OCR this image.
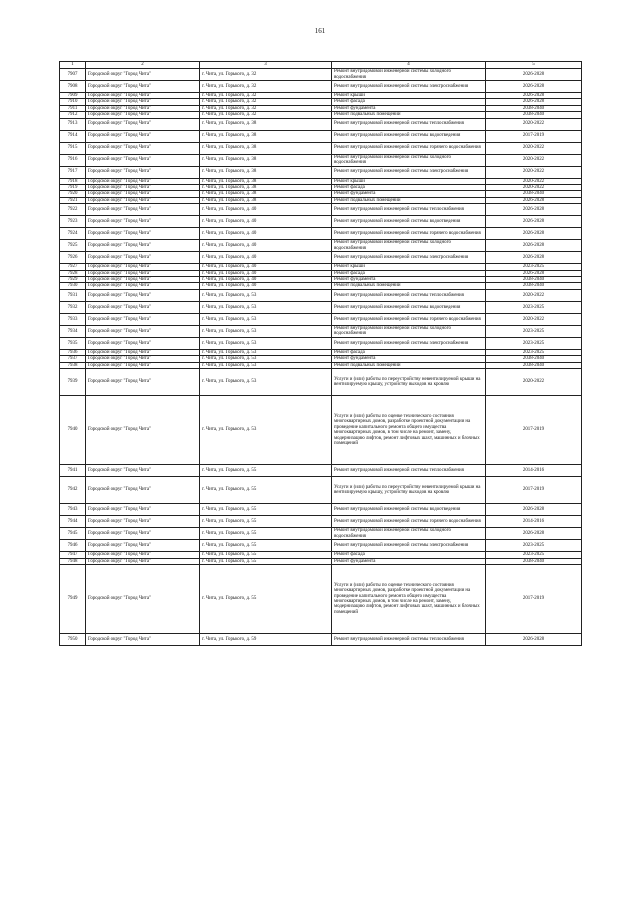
161
1	2	3	4	5
7907	Городской округ "Город Чита"	г. Чита, ул. Горького, д. 32	Ремонт внутридомовой инженерной системы холодного водоснабжения	2026-2028
7908	Городской округ "Город Чита"	г. Чита, ул. Горького, д. 32	Ремонт внутридомовой инженерной системы электроснабжения	2026-2028
7909	Городской округ "Город Чита"	г. Чита, ул. Горького, д. 32	Ремонт крыши	2026-2028
7910	Городской округ "Город Чита"	г. Чита, ул. Горького, д. 32	Ремонт фасада	2026-2028
7911	Городской округ "Город Чита"	г. Чита, ул. Горького, д. 32	Ремонт фундамента	2038-2040
7912	Городской округ "Город Чита"	г. Чита, ул. Горького, д. 32	Ремонт подвальных помещений	2038-2040
7913	Городской округ "Город Чита"	г. Чита, ул. Горького, д. 38	Ремонт внутридомовой инженерной системы теплоснабжения	2020-2022
7914	Городской округ "Город Чита"	г. Чита, ул. Горького, д. 38	Ремонт внутридомовой инженерной системы водоотведения	2017-2019
7915	Городской округ "Город Чита"	г. Чита, ул. Горького, д. 38	Ремонт внутридомовой инженерной системы горячего водоснабжения	2020-2022
7916	Городской округ "Город Чита"	г. Чита, ул. Горького, д. 38	Ремонт внутридомовой инженерной системы холодного водоснабжения	2020-2022
7917	Городской округ "Город Чита"	г. Чита, ул. Горького, д. 38	Ремонт внутридомовой инженерной системы электроснабжения	2020-2022
7918	Городской округ "Город Чита"	г. Чита, ул. Горького, д. 38	Ремонт крыши	2020-2022
7919	Городской округ "Город Чита"	г. Чита, ул. Горького, д. 38	Ремонт фасада	2020-2022
7920	Городской округ "Город Чита"	г. Чита, ул. Горького, д. 38	Ремонт фундамента	2038-2040
7921	Городской округ "Город Чита"	г. Чита, ул. Горького, д. 38	Ремонт подвальных помещений	2026-2028
7922	Городской округ "Город Чита"	г. Чита, ул. Горького, д. 40	Ремонт внутридомовой инженерной системы теплоснабжения	2026-2028
7923	Городской округ "Город Чита"	г. Чита, ул. Горького, д. 40	Ремонт внутридомовой инженерной системы водоотведения	2026-2028
7924	Городской округ "Город Чита"	г. Чита, ул. Горького, д. 40	Ремонт внутридомовой инженерной системы горячего водоснабжения	2026-2028
7925	Городской округ "Город Чита"	г. Чита, ул. Горького, д. 40	Ремонт внутридомовой инженерной системы холодного водоснабжения	2026-2028
7926	Городской округ "Город Чита"	г. Чита, ул. Горького, д. 40	Ремонт внутридомовой инженерной системы электроснабжения	2026-2028
7927	Городской округ "Город Чита"	г. Чита, ул. Горького, д. 40	Ремонт крыши	2023-2025
7928	Городской округ "Город Чита"	г. Чита, ул. Горького, д. 40	Ремонт фасада	2026-2028
7929	Городской округ "Город Чита"	г. Чита, ул. Горького, д. 40	Ремонт фундамента	2038-2040
7930	Городской округ "Город Чита"	г. Чита, ул. Горького, д. 40	Ремонт подвальных помещений	2038-2040
7931	Городской округ "Город Чита"	г. Чита, ул. Горького, д. 53	Ремонт внутридомовой инженерной системы теплоснабжения	2020-2022
7932	Городской округ "Город Чита"	г. Чита, ул. Горького, д. 53	Ремонт внутридомовой инженерной системы водоотведения	2023-2025
7933	Городской округ "Город Чита"	г. Чита, ул. Горького, д. 53	Ремонт внутридомовой инженерной системы горячего водоснабжения	2020-2022
7934	Городской округ "Город Чита"	г. Чита, ул. Горького, д. 53	Ремонт внутридомовой инженерной системы холодного водоснабжения	2023-2025
7935	Городской округ "Город Чита"	г. Чита, ул. Горького, д. 53	Ремонт внутридомовой инженерной системы электроснабжения	2023-2025
7936	Городской округ "Город Чита"	г. Чита, ул. Горького, д. 53	Ремонт фасада	2023-2025
7937	Городской округ "Город Чита"	г. Чита, ул. Горького, д. 53	Ремонт фундамента	2038-2040
7938	Городской округ "Город Чита"	г. Чита, ул. Горького, д. 53	Ремонт подвальных помещений	2038-2040
7939	Городской округ "Город Чита"	г. Чита, ул. Горького, д. 53	Услуги и (или) работы по переустройству невентилируемой крыши на вентилируемую крышу, устройству выходов на кровлю	2020-2022
7940	Городской округ "Город Чита"	г. Чита, ул. Горького, д. 53	Услуги и (или) работы по оценке технического состояния многоквартирных домов, разработке проектной документации на проведение капитального ремонта общего имущества многоквартирных домов, в том числе на ремонт, замену, модернизацию лифтов, ремонт лифтовых шахт, машинных и блочных помещений	2017-2019
7941	Городской округ "Город Чита"	г. Чита, ул. Горького, д. 55	Ремонт внутридомовой инженерной системы теплоснабжения	2014-2016
7942	Городской округ "Город Чита"	г. Чита, ул. Горького, д. 55	Услуги и (или) работы по переустройству невентилируемой крыши на вентилируемую крышу, устройству выходов на кровлю	2017-2019
7943	Городской округ "Город Чита"	г. Чита, ул. Горького, д. 55	Ремонт внутридомовой инженерной системы водоотведения	2026-2028
7944	Городской округ "Город Чита"	г. Чита, ул. Горького, д. 55	Ремонт внутридомовой инженерной системы горячего водоснабжения	2014-2016
7945	Городской округ "Город Чита"	г. Чита, ул. Горького, д. 55	Ремонт внутридомовой инженерной системы холодного водоснабжения	2026-2028
7946	Городской округ "Город Чита"	г. Чита, ул. Горького, д. 55	Ремонт внутридомовой инженерной системы электроснабжения	2023-2025
7947	Городской округ "Город Чита"	г. Чита, ул. Горького, д. 55	Ремонт фасада	2023-2025
7948	Городской округ "Город Чита"	г. Чита, ул. Горького, д. 55	Ремонт фундамента	2038-2040
7949	Городской округ "Город Чита"	г. Чита, ул. Горького, д. 55	Услуги и (или) работы по оценке технического состояния многоквартирных домов, разработке проектной документации на проведение капитального ремонта общего имущества многоквартирных домов, в том числе на ремонт, замену, модернизацию лифтов, ремонт лифтовых шахт, машинных и блочных помещений	2017-2019
7950	Городской округ "Город Чита"	г. Чита, ул. Горького, д. 59	Ремонт внутридомовой инженерной системы теплоснабжения	2026-2028
